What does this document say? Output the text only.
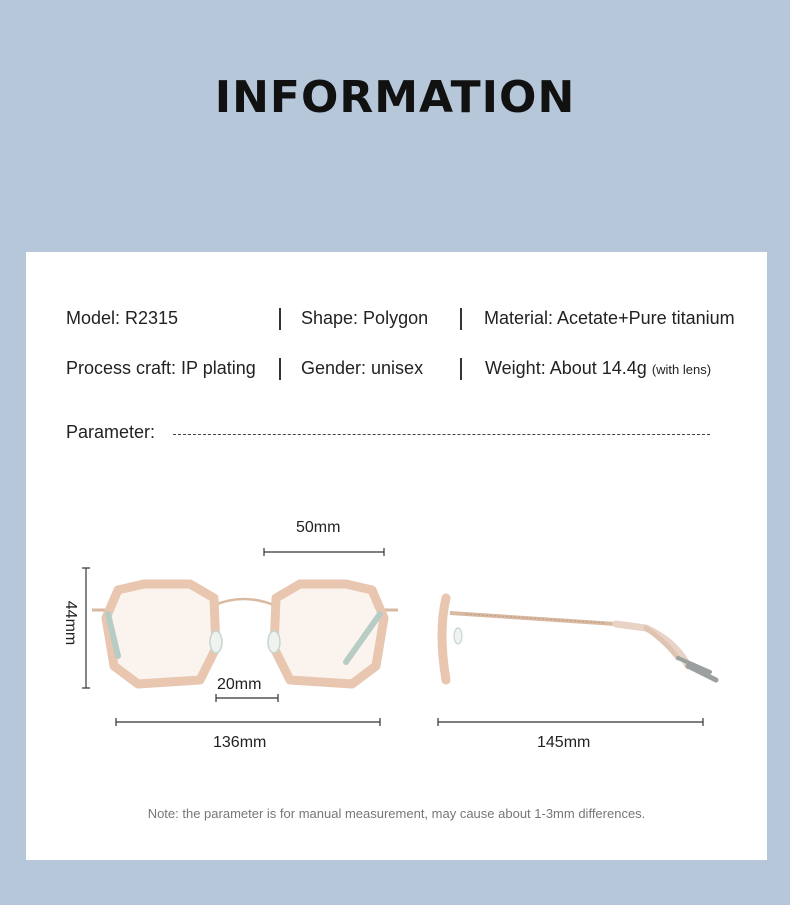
INFORMATION
Model: R2315	Shape: Polygon	Material: Acetate+Pure titanium
Process craft: IP plating	Gender: unisex	Weight: About 14.4g (with lens)
Parameter:
50mm
44mm
20mm
136mm	145mm
Note: the parameter is for manual measurement, may cause about 1-3mm differences.
